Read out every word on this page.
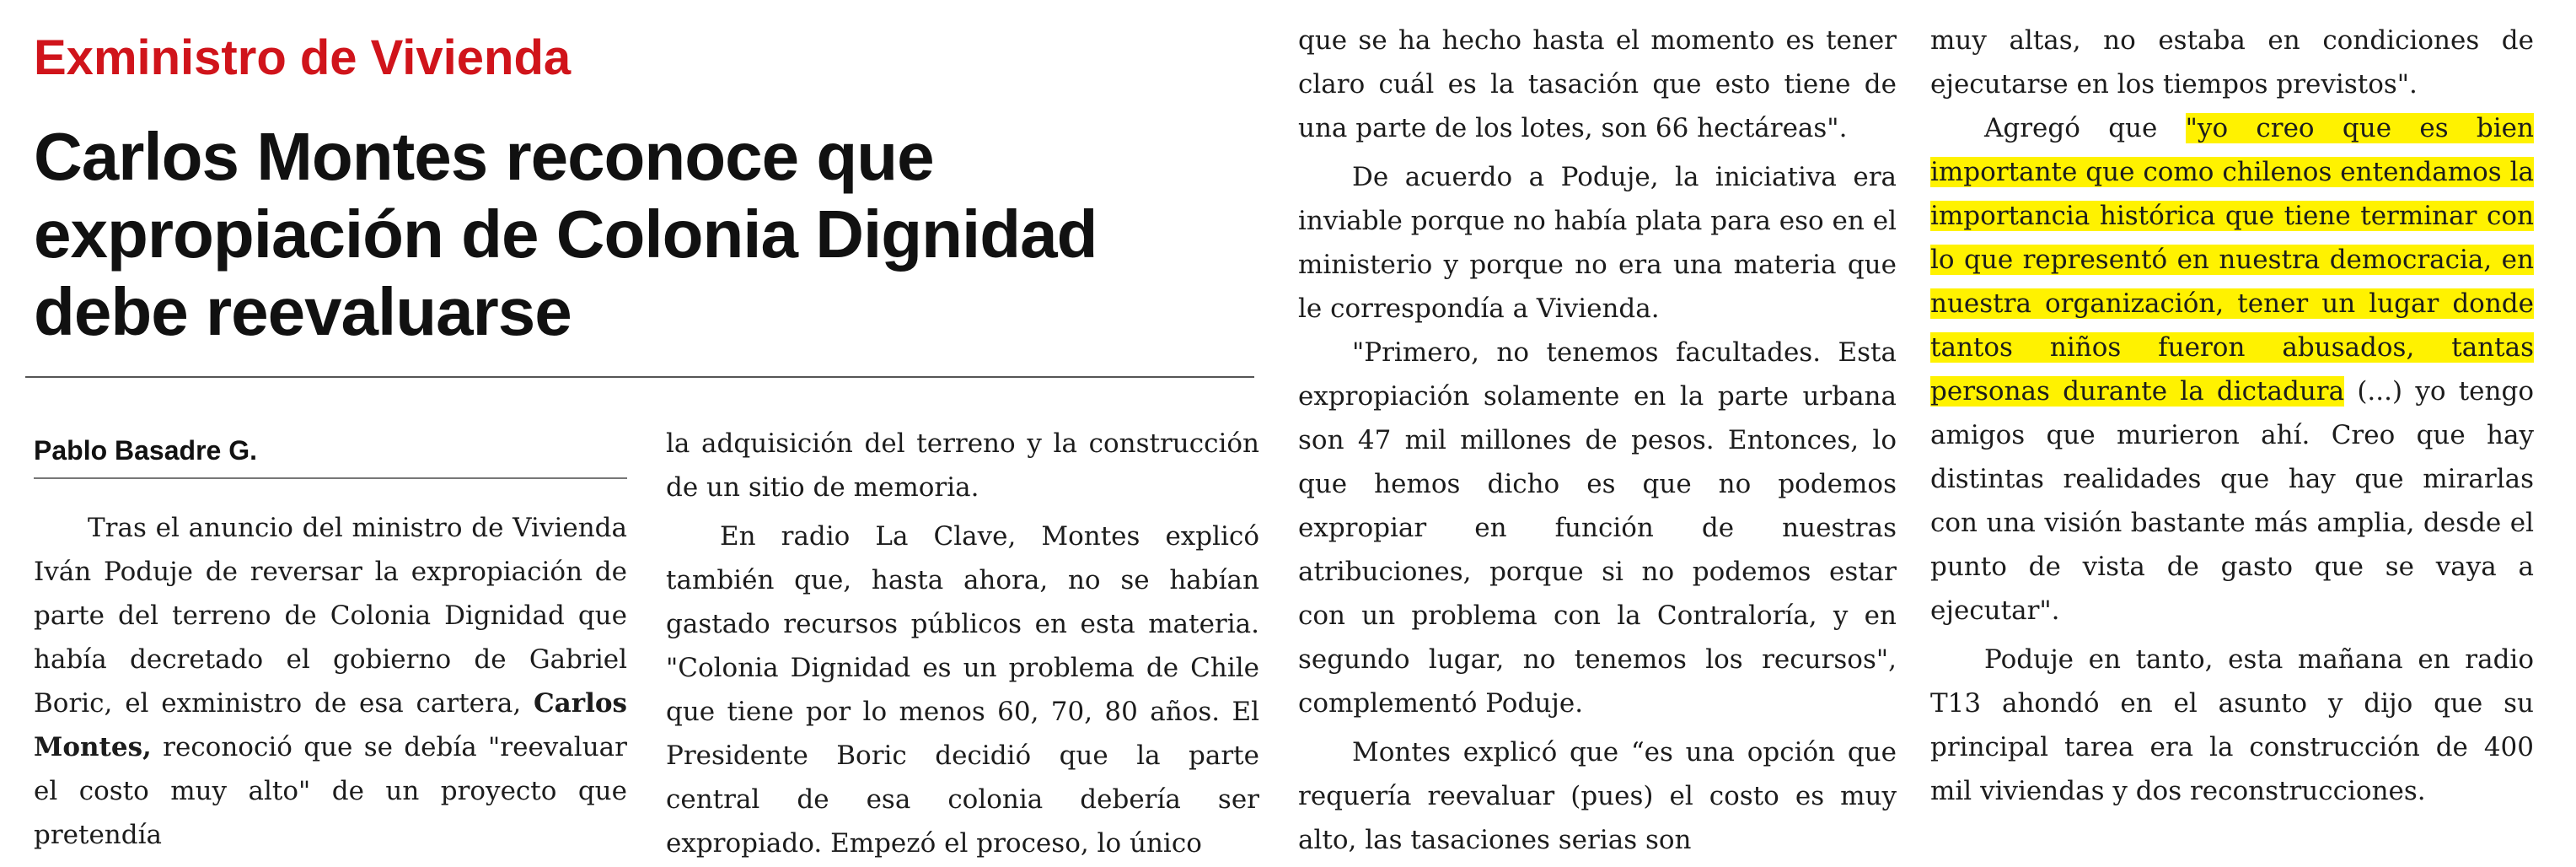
Exministro de Vivienda
Carlos Montes reconoce que expropiación de Colonia Dignidad debe reevaluarse
Pablo Basadre G.

Tras el anuncio del ministro de Vivienda Iván Poduje de reversar la expropiación de parte del terreno de Colonia Dignidad que había decretado el gobierno de Gabriel Boric, el exministro de esa cartera, Carlos Montes, reconoció que se debía "reevaluar el costo muy alto" de un proyecto que pretendía

la adquisición del terreno y la construcción de un sitio de memoria.

En radio La Clave, Montes explicó también que, hasta ahora, no se habían gastado recursos públicos en esta materia. "Colonia Dignidad es un problema de Chile que tiene por lo menos 60, 70, 80 años. El Presidente Boric decidió que la parte central de esa colonia debería ser expropiado. Empezó el proceso, lo único

que se ha hecho hasta el momento es tener claro cuál es la tasación que esto tiene de una parte de los lotes, son 66 hectáreas".

De acuerdo a Poduje, la iniciativa era inviable porque no había plata para eso en el ministerio y porque no era una materia que le correspondía a Vivienda.

"Primero, no tenemos facultades. Esta expropiación solamente en la parte urbana son 47 mil millones de pesos. Entonces, lo que hemos dicho es que no podemos expropiar en función de nuestras atribuciones, porque si no podemos estar con un problema con la Contraloría, y en segundo lugar, no tenemos los recursos", complementó Poduje.

Montes explicó que “es una opción que requería reevaluar (pues) el costo es muy alto, las tasaciones serias son

muy altas, no estaba en condiciones de ejecutarse en los tiempos previstos".

Agregó que "yo creo que es bien importante que como chilenos entendamos la importancia histórica que tiene terminar con lo que representó en nuestra democracia, en nuestra organización, tener un lugar donde tantos niños fueron abusados, tantas personas durante la dictadura (...) yo tengo amigos que murieron ahí. Creo que hay distintas realidades que hay que mirarlas con una visión bastante más amplia, desde el punto de vista de gasto que se vaya a ejecutar".

Poduje en tanto, esta mañana en radio T13 ahondó en el asunto y dijo que su principal tarea era la construcción de 400 mil viviendas y dos reconstrucciones.
